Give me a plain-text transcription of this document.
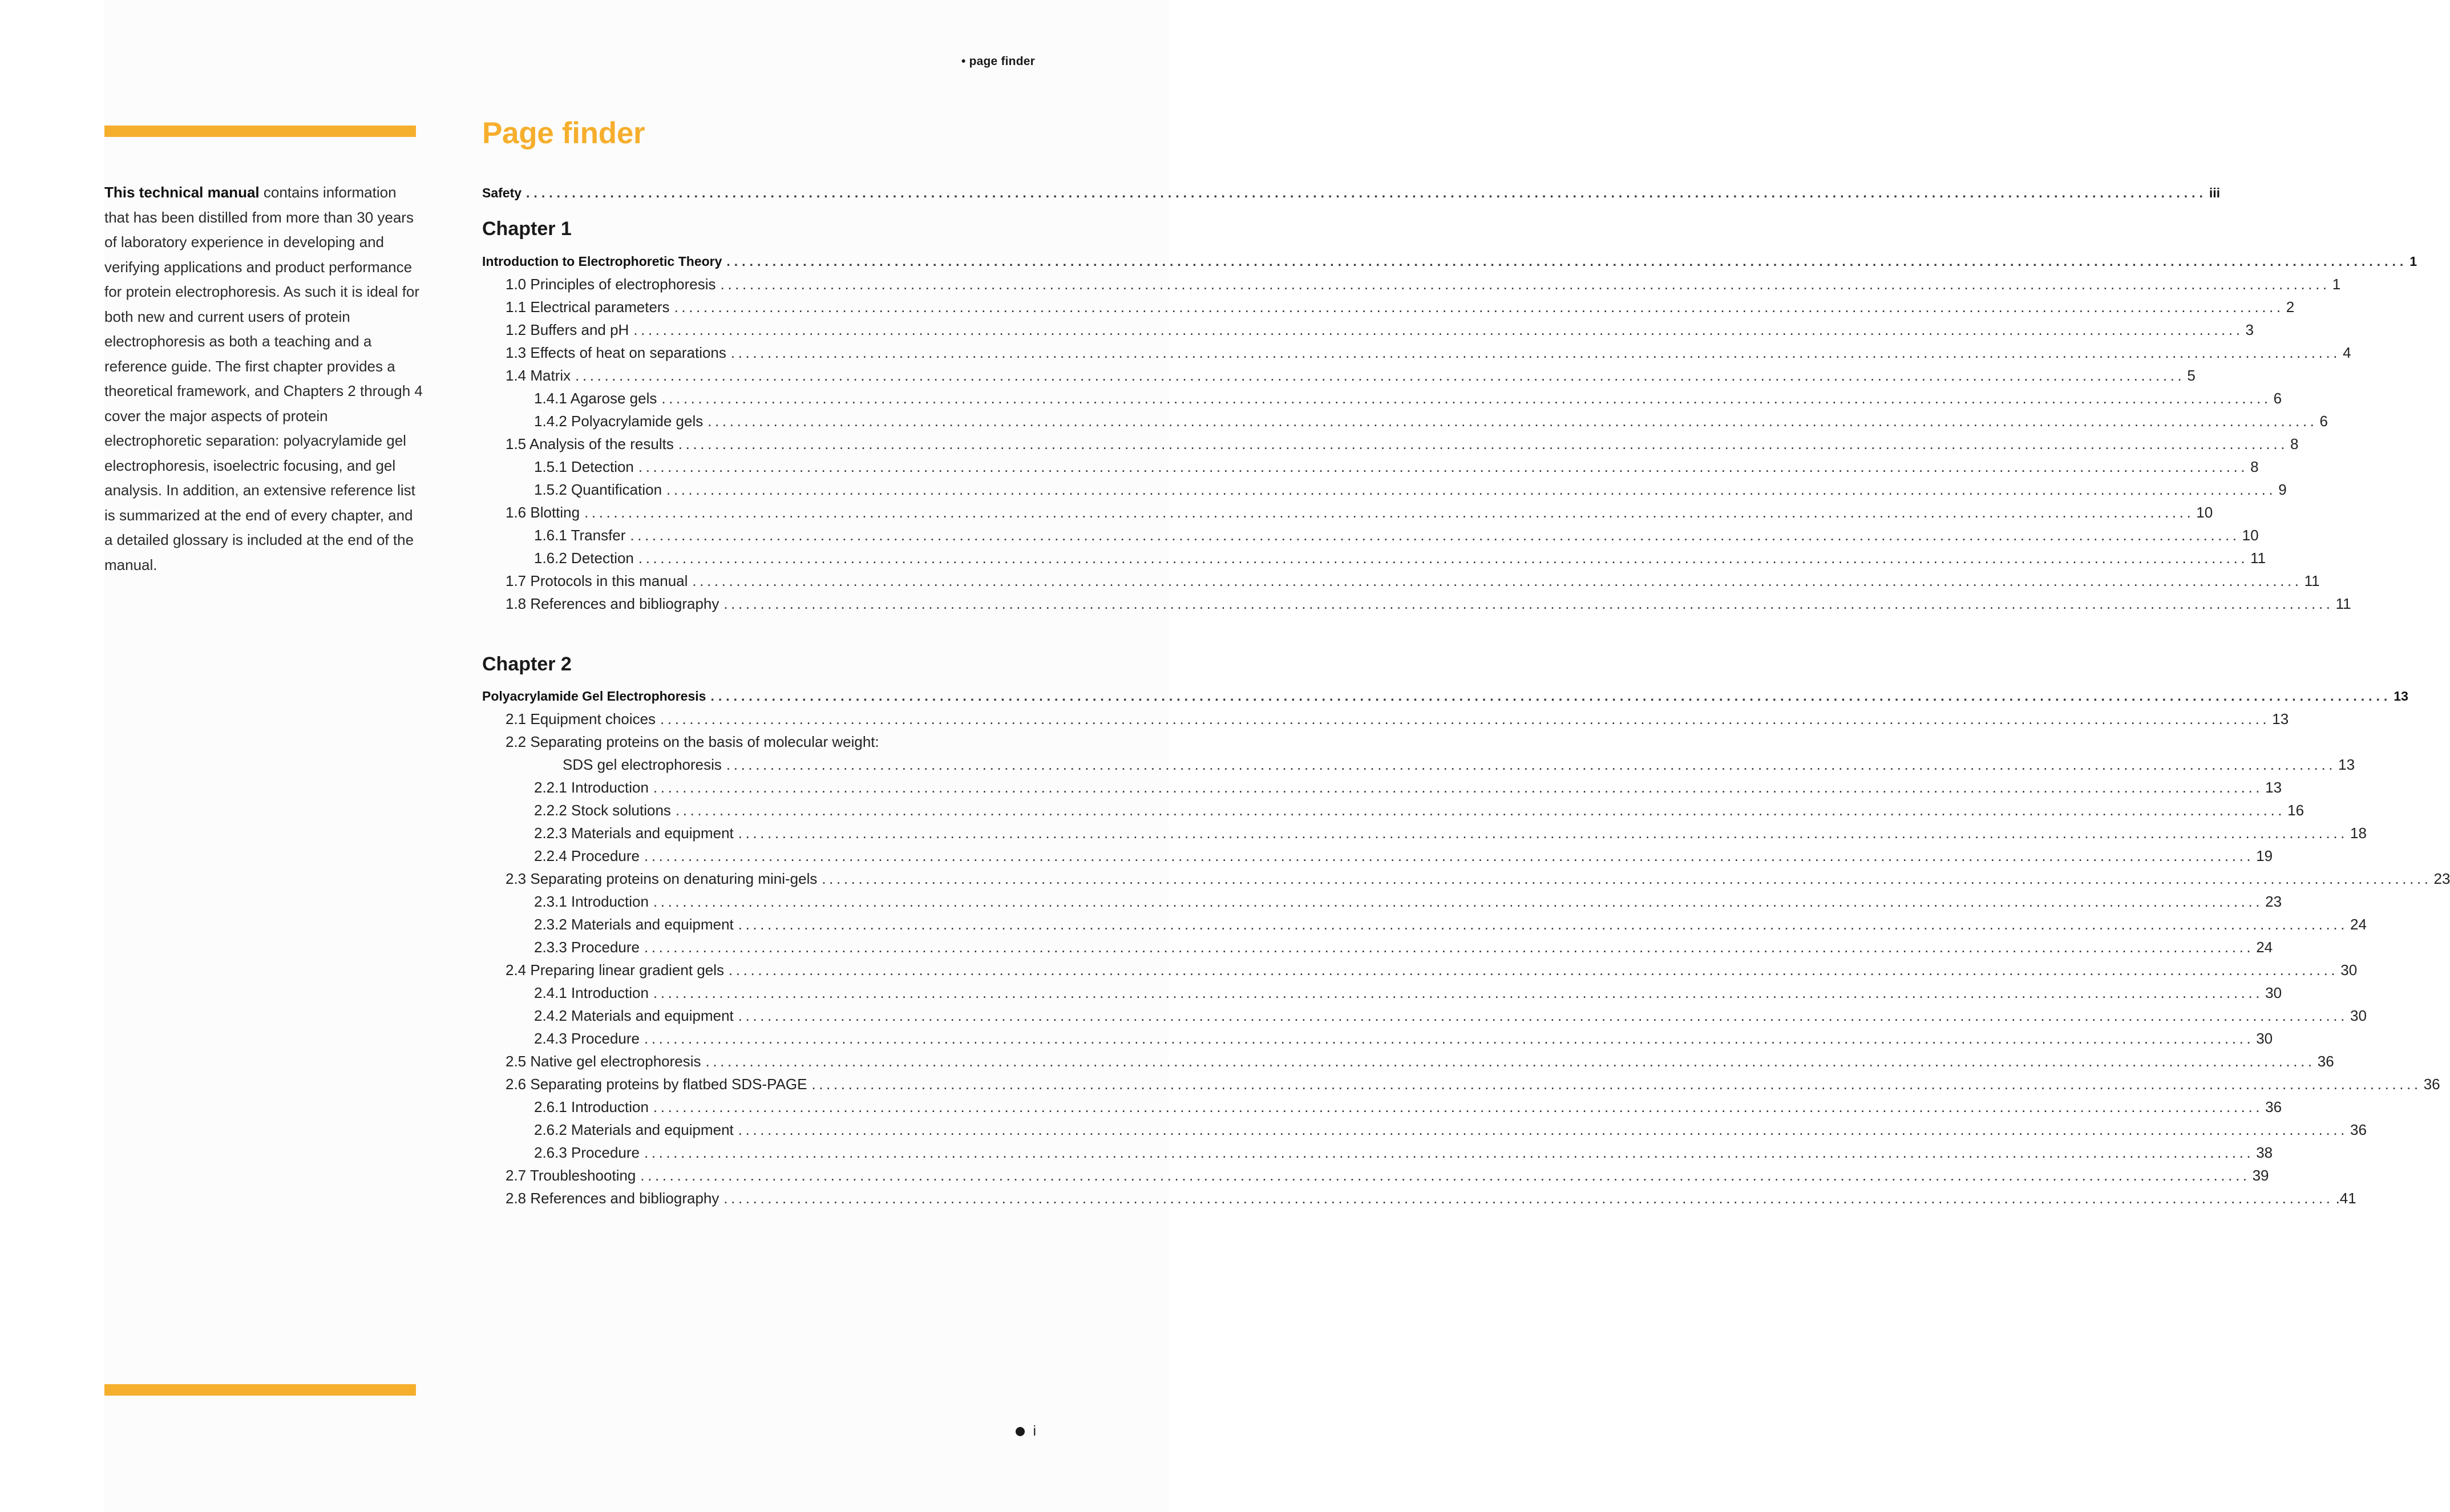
• page finder
This technical manual contains information that has been distilled from more than 30 years of laboratory experience in developing and verifying applications and product performance for protein electrophoresis. As such it is ideal for both new and current users of protein electrophoresis as both a teaching and a reference guide. The first chapter provides a theoretical framework, and Chapters 2 through 4 cover the major aspects of protein electrophoretic separation: polyacrylamide gel electrophoresis, isoelectric focusing, and gel analysis. In addition, an extensive reference list is summarized at the end of every chapter, and a detailed glossary is included at the end of the manual.
Page finder
Safety ............................................................................................................................................................................................................................ iii
Chapter 1
Introduction to Electrophoretic Theory ............................................................................................................................................................................................................................ 1
1.0 Principles of electrophoresis ............................................................................................................................................................................................................................ 1
1.1 Electrical parameters ............................................................................................................................................................................................................................ 2
1.2 Buffers and pH ............................................................................................................................................................................................................................ 3
1.3 Effects of heat on separations ............................................................................................................................................................................................................................ 4
1.4 Matrix ............................................................................................................................................................................................................................ 5
1.4.1 Agarose gels ............................................................................................................................................................................................................................ 6
1.4.2 Polyacrylamide gels ............................................................................................................................................................................................................................ 6
1.5 Analysis of the results ............................................................................................................................................................................................................................ 8
1.5.1 Detection ............................................................................................................................................................................................................................ 8
1.5.2 Quantification ............................................................................................................................................................................................................................ 9
1.6 Blotting ............................................................................................................................................................................................................................ 10
1.6.1 Transfer ............................................................................................................................................................................................................................ 10
1.6.2 Detection ............................................................................................................................................................................................................................ 11
1.7 Protocols in this manual ............................................................................................................................................................................................................................ 11
1.8 References and bibliography ............................................................................................................................................................................................................................ 11
Chapter 2
Polyacrylamide Gel Electrophoresis ............................................................................................................................................................................................................................ 13
2.1 Equipment choices ............................................................................................................................................................................................................................ 13
2.2 Separating proteins on the basis of molecular weight:
SDS gel electrophoresis ............................................................................................................................................................................................................................ 13
2.2.1 Introduction ............................................................................................................................................................................................................................ 13
2.2.2 Stock solutions ............................................................................................................................................................................................................................ 16
2.2.3 Materials and equipment ............................................................................................................................................................................................................................ 18
2.2.4 Procedure ............................................................................................................................................................................................................................ 19
2.3 Separating proteins on denaturing mini-gels ............................................................................................................................................................................................................................ 23
2.3.1 Introduction ............................................................................................................................................................................................................................ 23
2.3.2 Materials and equipment ............................................................................................................................................................................................................................ 24
2.3.3 Procedure ............................................................................................................................................................................................................................ 24
2.4 Preparing linear gradient gels ............................................................................................................................................................................................................................ 30
2.4.1 Introduction ............................................................................................................................................................................................................................ 30
2.4.2 Materials and equipment ............................................................................................................................................................................................................................ 30
2.4.3 Procedure ............................................................................................................................................................................................................................ 30
2.5 Native gel electrophoresis ............................................................................................................................................................................................................................ 36
2.6 Separating proteins by flatbed SDS-PAGE ............................................................................................................................................................................................................................ 36
2.6.1 Introduction ............................................................................................................................................................................................................................ 36
2.6.2 Materials and equipment ............................................................................................................................................................................................................................ 36
2.6.3 Procedure ............................................................................................................................................................................................................................ 38
2.7 Troubleshooting ............................................................................................................................................................................................................................ 39
2.8 References and bibliography ............................................................................................................................................................................................................................ .41
i
